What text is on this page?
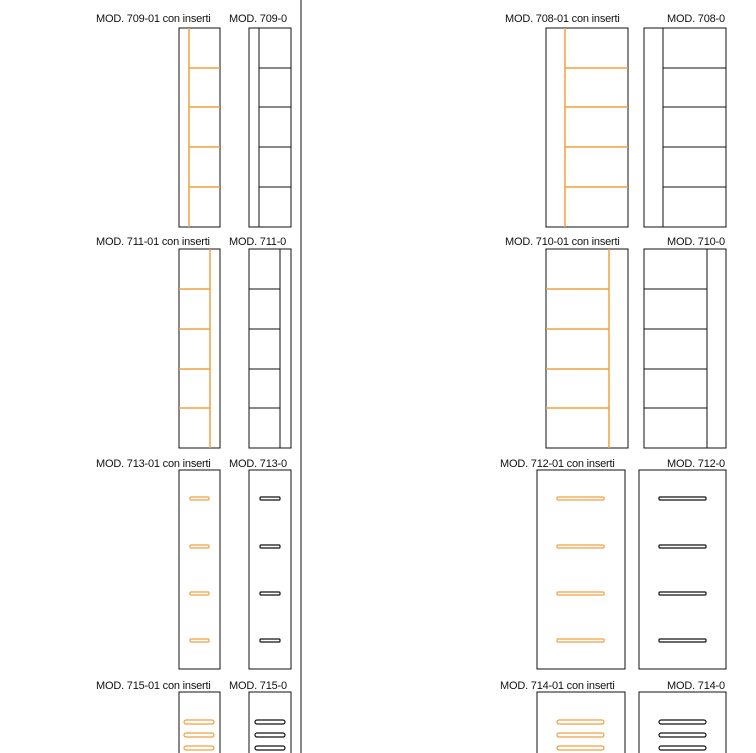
MOD. 709-01 con inserti MOD. 709-0	MOD. 708-01 con inserti	MOD. 708-0
MOD. 711-01 con inserti MOD. 711-0	MOD. 710-01 con inserti	MOD. 710-0
MOD. 713-01 con inserti MOD. 713-0	MOD. 712-01 con inserti	MOD. 712-0
MOD. 715-01 con inserti MOD. 715-0	MOD. 714-01 con inserti	MOD. 714-0
